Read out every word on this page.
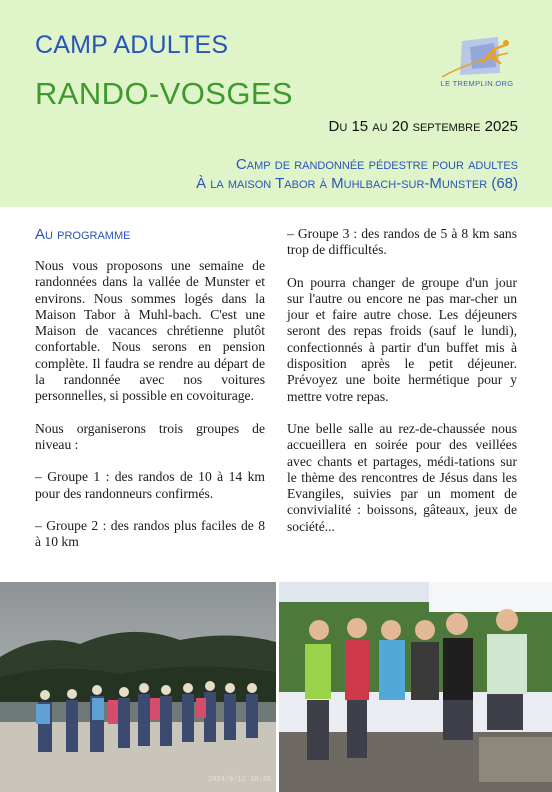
CAMP ADULTES
RANDO-VOSGES	LE TREMPLIN.ORG
Du 15 au 20 septembre 2025
Camp de randonnée pédestre pour adultes
À la maison Tabor à Muhlbach-sur-Munster (68)
Au programme

Nous vous proposons une semaine de randonnées dans la vallée de Munster et environs. Nous sommes logés dans la Maison Tabor à Muhl-bach. C'est une Maison de vacances chrétienne plutôt confortable. Nous serons en pension complète. Il faudra se rendre au départ de la randonnée avec nos voitures personnelles, si possible en covoiturage.

Nous organiserons trois groupes de niveau :

– Groupe 1 : des randos de 10 à 14 km pour des randonneurs confirmés.

– Groupe 2 : des randos plus faciles de 8 à 10 km

– Groupe 3 : des randos de 5 à 8 km sans trop de difficultés.

On pourra changer de groupe d'un jour sur l'autre ou encore ne pas mar-cher un jour et faire autre chose. Les déjeuners seront des repas froids (sauf le lundi), confectionnés à partir d'un buffet mis à disposition après le petit déjeuner. Prévoyez une boite hermétique pour y mettre votre repas.

Une belle salle au rez-de-chaussée nous accueillera en soirée pour des veillées avec chants et partages, médi-tations sur le thème des rencontres de Jésus dans les Evangiles, suivies par un moment de convivialité : boissons, gâteaux, jeux de société...

2024/9/12 10:38
